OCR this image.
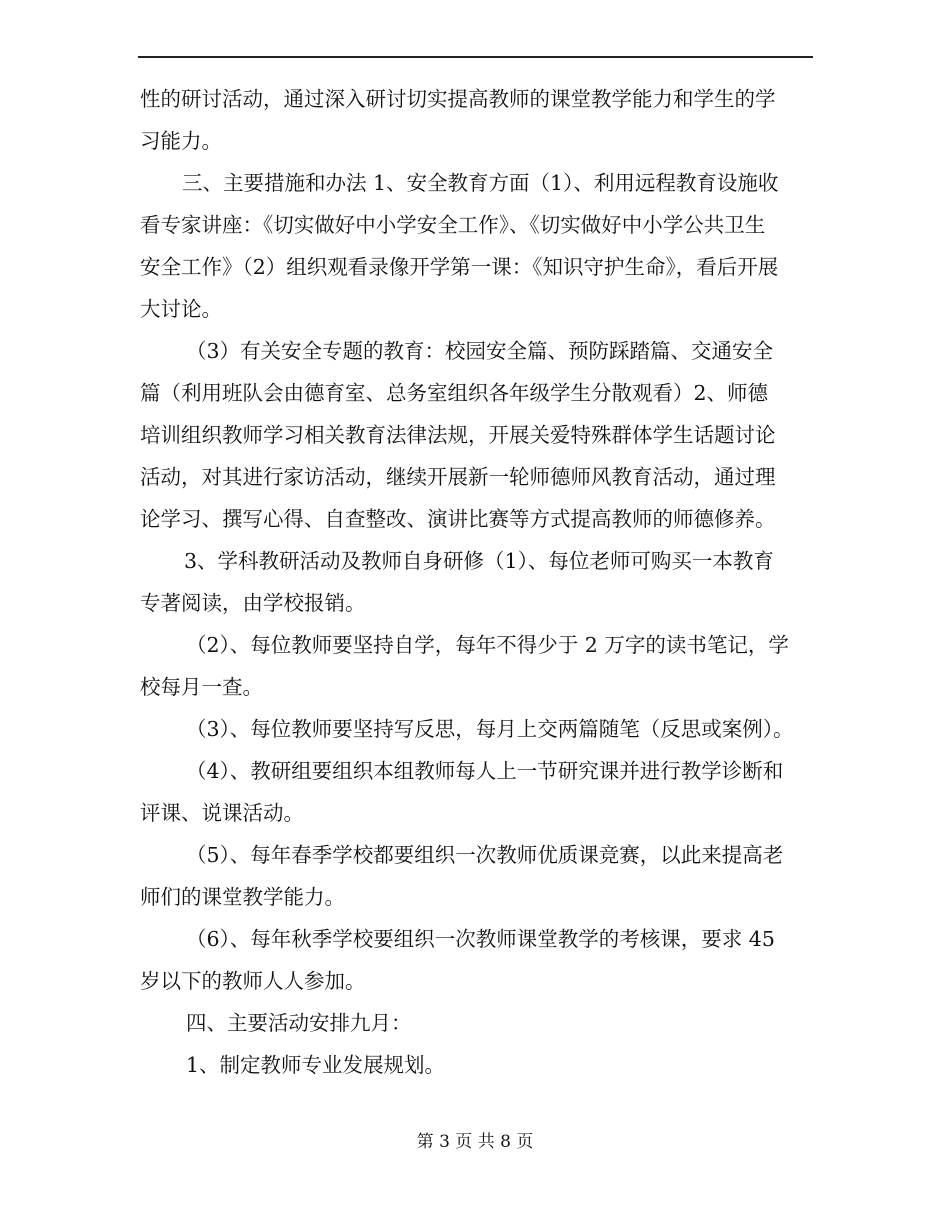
性的研讨活动，通过深入研讨切实提高教师的课堂教学能力和学生的学
习能力。
三、主要措施和办法 1、安全教育方面（1）、利用远程教育设施收
看专家讲座：《切实做好中小学安全工作》、《切实做好中小学公共卫生
安全工作》（2）组织观看录像开学第一课：《知识守护生命》，看后开展
大讨论。
（3）有关安全专题的教育：校园安全篇、预防踩踏篇、交通安全
篇（利用班队会由德育室、总务室组织各年级学生分散观看）2、师德
培训组织教师学习相关教育法律法规，开展关爱特殊群体学生话题讨论
活动，对其进行家访活动，继续开展新一轮师德师风教育活动，通过理
论学习、撰写心得、自查整改、演讲比赛等方式提高教师的师德修养。
3、学科教研活动及教师自身研修（1）、每位老师可购买一本教育
专著阅读，由学校报销。
（2）、每位教师要坚持自学，每年不得少于 2 万字的读书笔记，学
校每月一查。
（3）、每位教师要坚持写反思，每月上交两篇随笔（反思或案例）。
（4）、教研组要组织本组教师每人上一节研究课并进行教学诊断和
评课、说课活动。
（5）、每年春季学校都要组织一次教师优质课竞赛，以此来提高老
师们的课堂教学能力。
（6）、每年秋季学校要组织一次教师课堂教学的考核课，要求 45
岁以下的教师人人参加。
四、主要活动安排九月：
1、制定教师专业发展规划。
第 3 页 共 8 页
